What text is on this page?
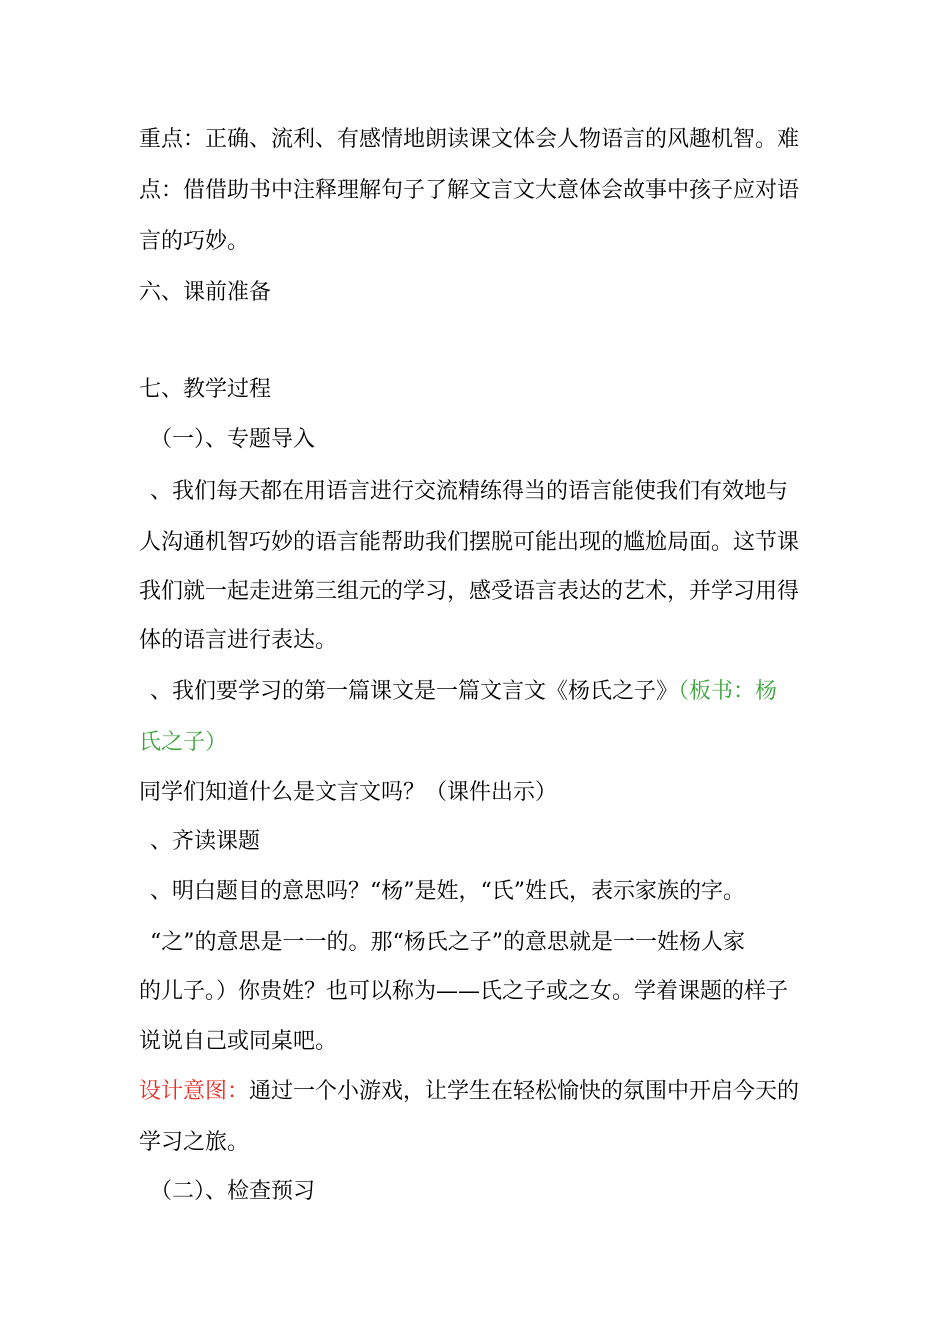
重点：正确、流利、有感情地朗读课文体会人物语言的风趣机智。难
点：借借助书中注释理解句子了解文言文大意体会故事中孩子应对语
言的巧妙。
六、课前准备
七、教学过程
（一）、专题导入
、我们每天都在用语言进行交流精练得当的语言能使我们有效地与
人沟通机智巧妙的语言能帮助我们摆脱可能出现的尴尬局面。这节课
我们就一起走进第三组元的学习，感受语言表达的艺术，并学习用得
体的语言进行表达。
、我们要学习的第一篇课文是一篇文言文《杨氏之子》（板书：杨
氏之子）
同学们知道什么是文言文吗？（课件出示）
、齐读课题
、明白题目的意思吗？“杨”是姓，“氏”姓氏，表示家族的字。
“之”的意思是一一的。那“杨氏之子”的意思就是一一姓杨人家
的儿子。）你贵姓？也可以称为——氏之子或之女。学着课题的样子
说说自己或同桌吧。
设计意图：通过一个小游戏，让学生在轻松愉快的氛围中开启今天的
学习之旅。
（二）、检查预习
